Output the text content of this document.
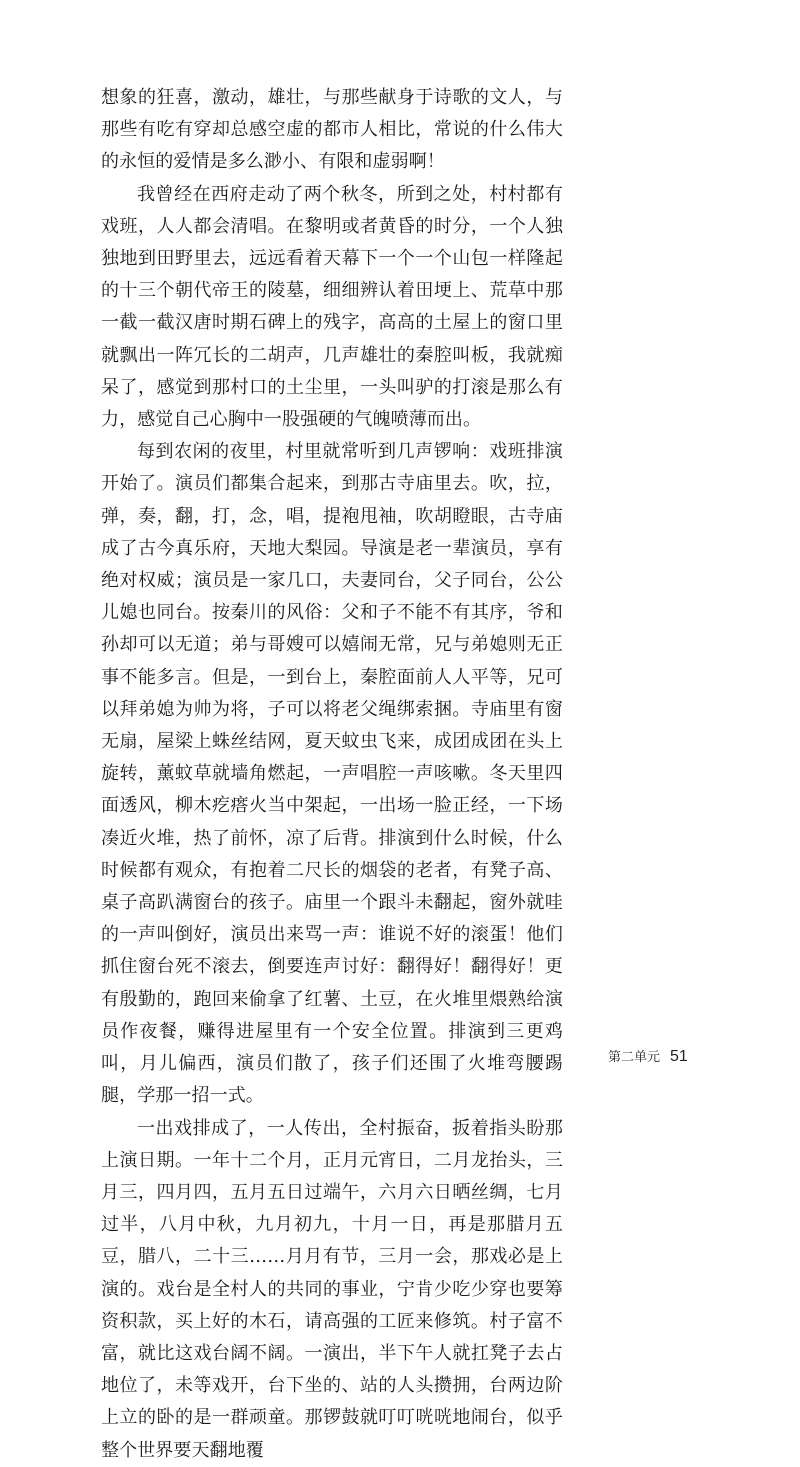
想象的狂喜，激动，雄壮，与那些献身于诗歌的文人，与那些有吃有穿却总感空虚的都市人相比，常说的什么伟大的永恒的爱情是多么渺小、有限和虚弱啊！

我曾经在西府走动了两个秋冬，所到之处，村村都有戏班，人人都会清唱。在黎明或者黄昏的时分，一个人独独地到田野里去，远远看着天幕下一个一个山包一样隆起的十三个朝代帝王的陵墓，细细辨认着田埂上、荒草中那一截一截汉唐时期石碑上的残字，高高的土屋上的窗口里就飘出一阵冗长的二胡声，几声雄壮的秦腔叫板，我就痴呆了，感觉到那村口的土尘里，一头叫驴的打滚是那么有力，感觉自己心胸中一股强硬的气魄喷薄而出。

每到农闲的夜里，村里就常听到几声锣响：戏班排演开始了。演员们都集合起来，到那古寺庙里去。吹，拉，弹，奏，翻，打，念，唱，提袍甩袖，吹胡瞪眼，古寺庙成了古今真乐府，天地大梨园。导演是老一辈演员，享有绝对权威；演员是一家几口，夫妻同台，父子同台，公公儿媳也同台。按秦川的风俗：父和子不能不有其序，爷和孙却可以无道；弟与哥嫂可以嬉闹无常，兄与弟媳则无正事不能多言。但是，一到台上，秦腔面前人人平等，兄可以拜弟媳为帅为将，子可以将老父绳绑索捆。寺庙里有窗无扇，屋梁上蛛丝结网，夏天蚊虫飞来，成团成团在头上旋转，薰蚊草就墙角燃起，一声唱腔一声咳嗽。冬天里四面透风，柳木疙瘩火当中架起，一出场一脸正经，一下场凑近火堆，热了前怀，凉了后背。排演到什么时候，什么时候都有观众，有抱着二尺长的烟袋的老者，有凳子高、桌子高趴满窗台的孩子。庙里一个跟斗未翻起，窗外就哇的一声叫倒好，演员出来骂一声：谁说不好的滚蛋！他们抓住窗台死不滚去，倒要连声讨好：翻得好！翻得好！更有殷勤的，跑回来偷拿了红薯、土豆，在火堆里煨熟给演员作夜餐，赚得进屋里有一个安全位置。排演到三更鸡叫，月儿偏西，演员们散了，孩子们还围了火堆弯腰踢腿，学那一招一式。

一出戏排成了，一人传出，全村振奋，扳着指头盼那上演日期。一年十二个月，正月元宵日，二月龙抬头，三月三，四月四，五月五日过端午，六月六日晒丝绸，七月过半，八月中秋，九月初九，十月一日，再是那腊月五豆，腊八，二十三……月月有节，三月一会，那戏必是上演的。戏台是全村人的共同的事业，宁肯少吃少穿也要筹资积款，买上好的木石，请高强的工匠来修筑。村子富不富，就比这戏台阔不阔。一演出，半下午人就扛凳子去占地位了，未等戏开，台下坐的、站的人头攒拥，台两边阶上立的卧的是一群顽童。那锣鼓就叮叮咣咣地闹台，似乎整个世界要天翻地覆

第二单元 51
